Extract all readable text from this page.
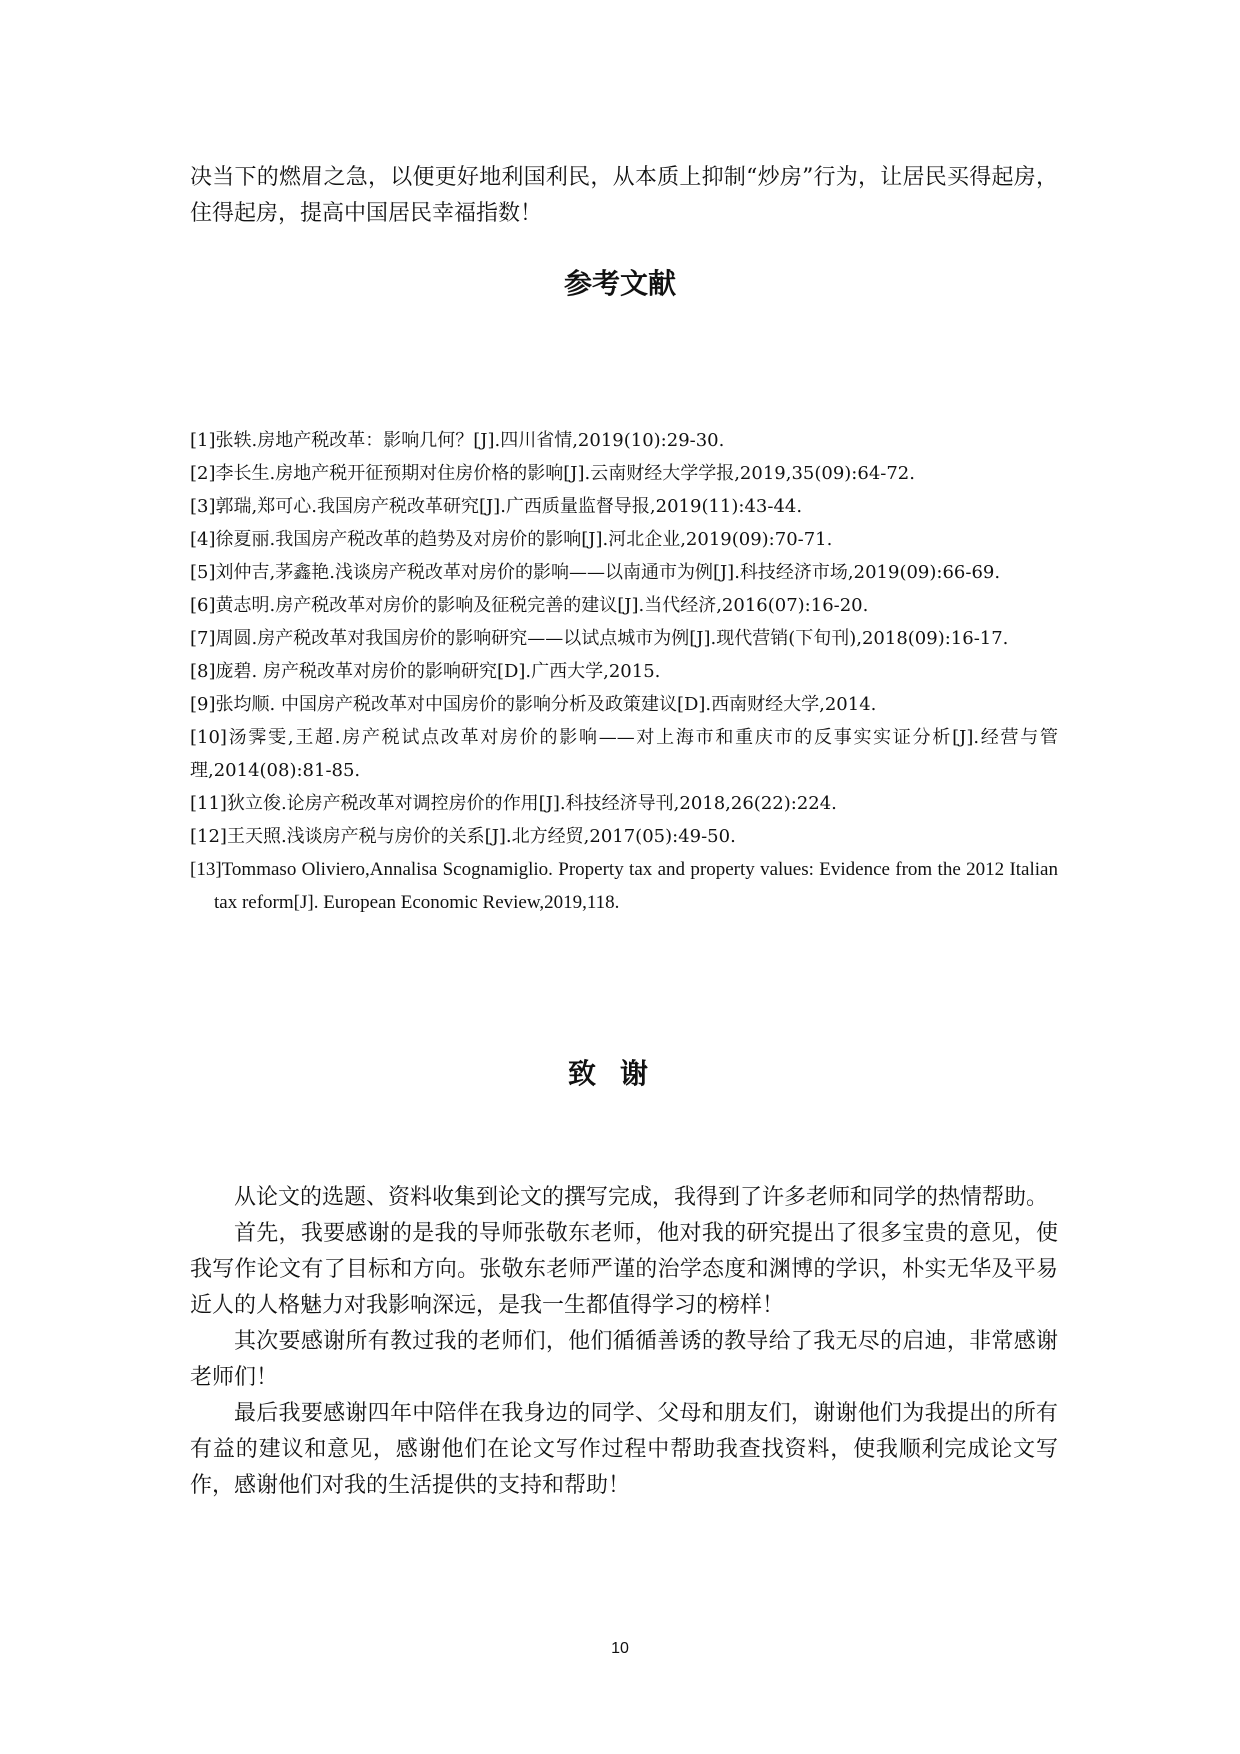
决当下的燃眉之急，以便更好地利国利民，从本质上抑制“炒房”行为，让居民买得起房，住得起房，提高中国居民幸福指数！
参考文献
[1]张轶.房地产税改革：影响几何？[J].四川省情,2019(10):29-30.
[2]李长生.房地产税开征预期对住房价格的影响[J].云南财经大学学报,2019,35(09):64-72.
[3]郭瑞,郑可心.我国房产税改革研究[J].广西质量监督导报,2019(11):43-44.
[4]徐夏丽.我国房产税改革的趋势及对房价的影响[J].河北企业,2019(09):70-71.
[5]刘仲吉,茅鑫艳.浅谈房产税改革对房价的影响——以南通市为例[J].科技经济市场,2019(09):66-69.
[6]黄志明.房产税改革对房价的影响及征税完善的建议[J].当代经济,2016(07):16-20.
[7]周圆.房产税改革对我国房价的影响研究——以试点城市为例[J].现代营销(下旬刊),2018(09):16-17.
[8]庞碧. 房产税改革对房价的影响研究[D].广西大学,2015.
[9]张均顺. 中国房产税改革对中国房价的影响分析及政策建议[D].西南财经大学,2014.
[10]汤霁雯,王超.房产税试点改革对房价的影响——对上海市和重庆市的反事实实证分析[J].经营与管理,2014(08):81-85.
[11]狄立俊.论房产税改革对调控房价的作用[J].科技经济导刊,2018,26(22):224.
[12]王天照.浅谈房产税与房价的关系[J].北方经贸,2017(05):49-50.
[13]Tommaso Oliviero,Annalisa Scognamiglio. Property tax and property values: Evidence from the 2012 Italian tax reform[J]. European Economic Review,2019,118.
致谢

从论文的选题、资料收集到论文的撰写完成，我得到了许多老师和同学的热情帮助。

首先，我要感谢的是我的导师张敬东老师，他对我的研究提出了很多宝贵的意见，使我写作论文有了目标和方向。张敬东老师严谨的治学态度和渊博的学识，朴实无华及平易近人的人格魅力对我影响深远，是我一生都值得学习的榜样！

其次要感谢所有教过我的老师们，他们循循善诱的教导给了我无尽的启迪，非常感谢老师们！

最后我要感谢四年中陪伴在我身边的同学、父母和朋友们，谢谢他们为我提出的所有有益的建议和意见，感谢他们在论文写作过程中帮助我查找资料，使我顺利完成论文写作，感谢他们对我的生活提供的支持和帮助！

10
